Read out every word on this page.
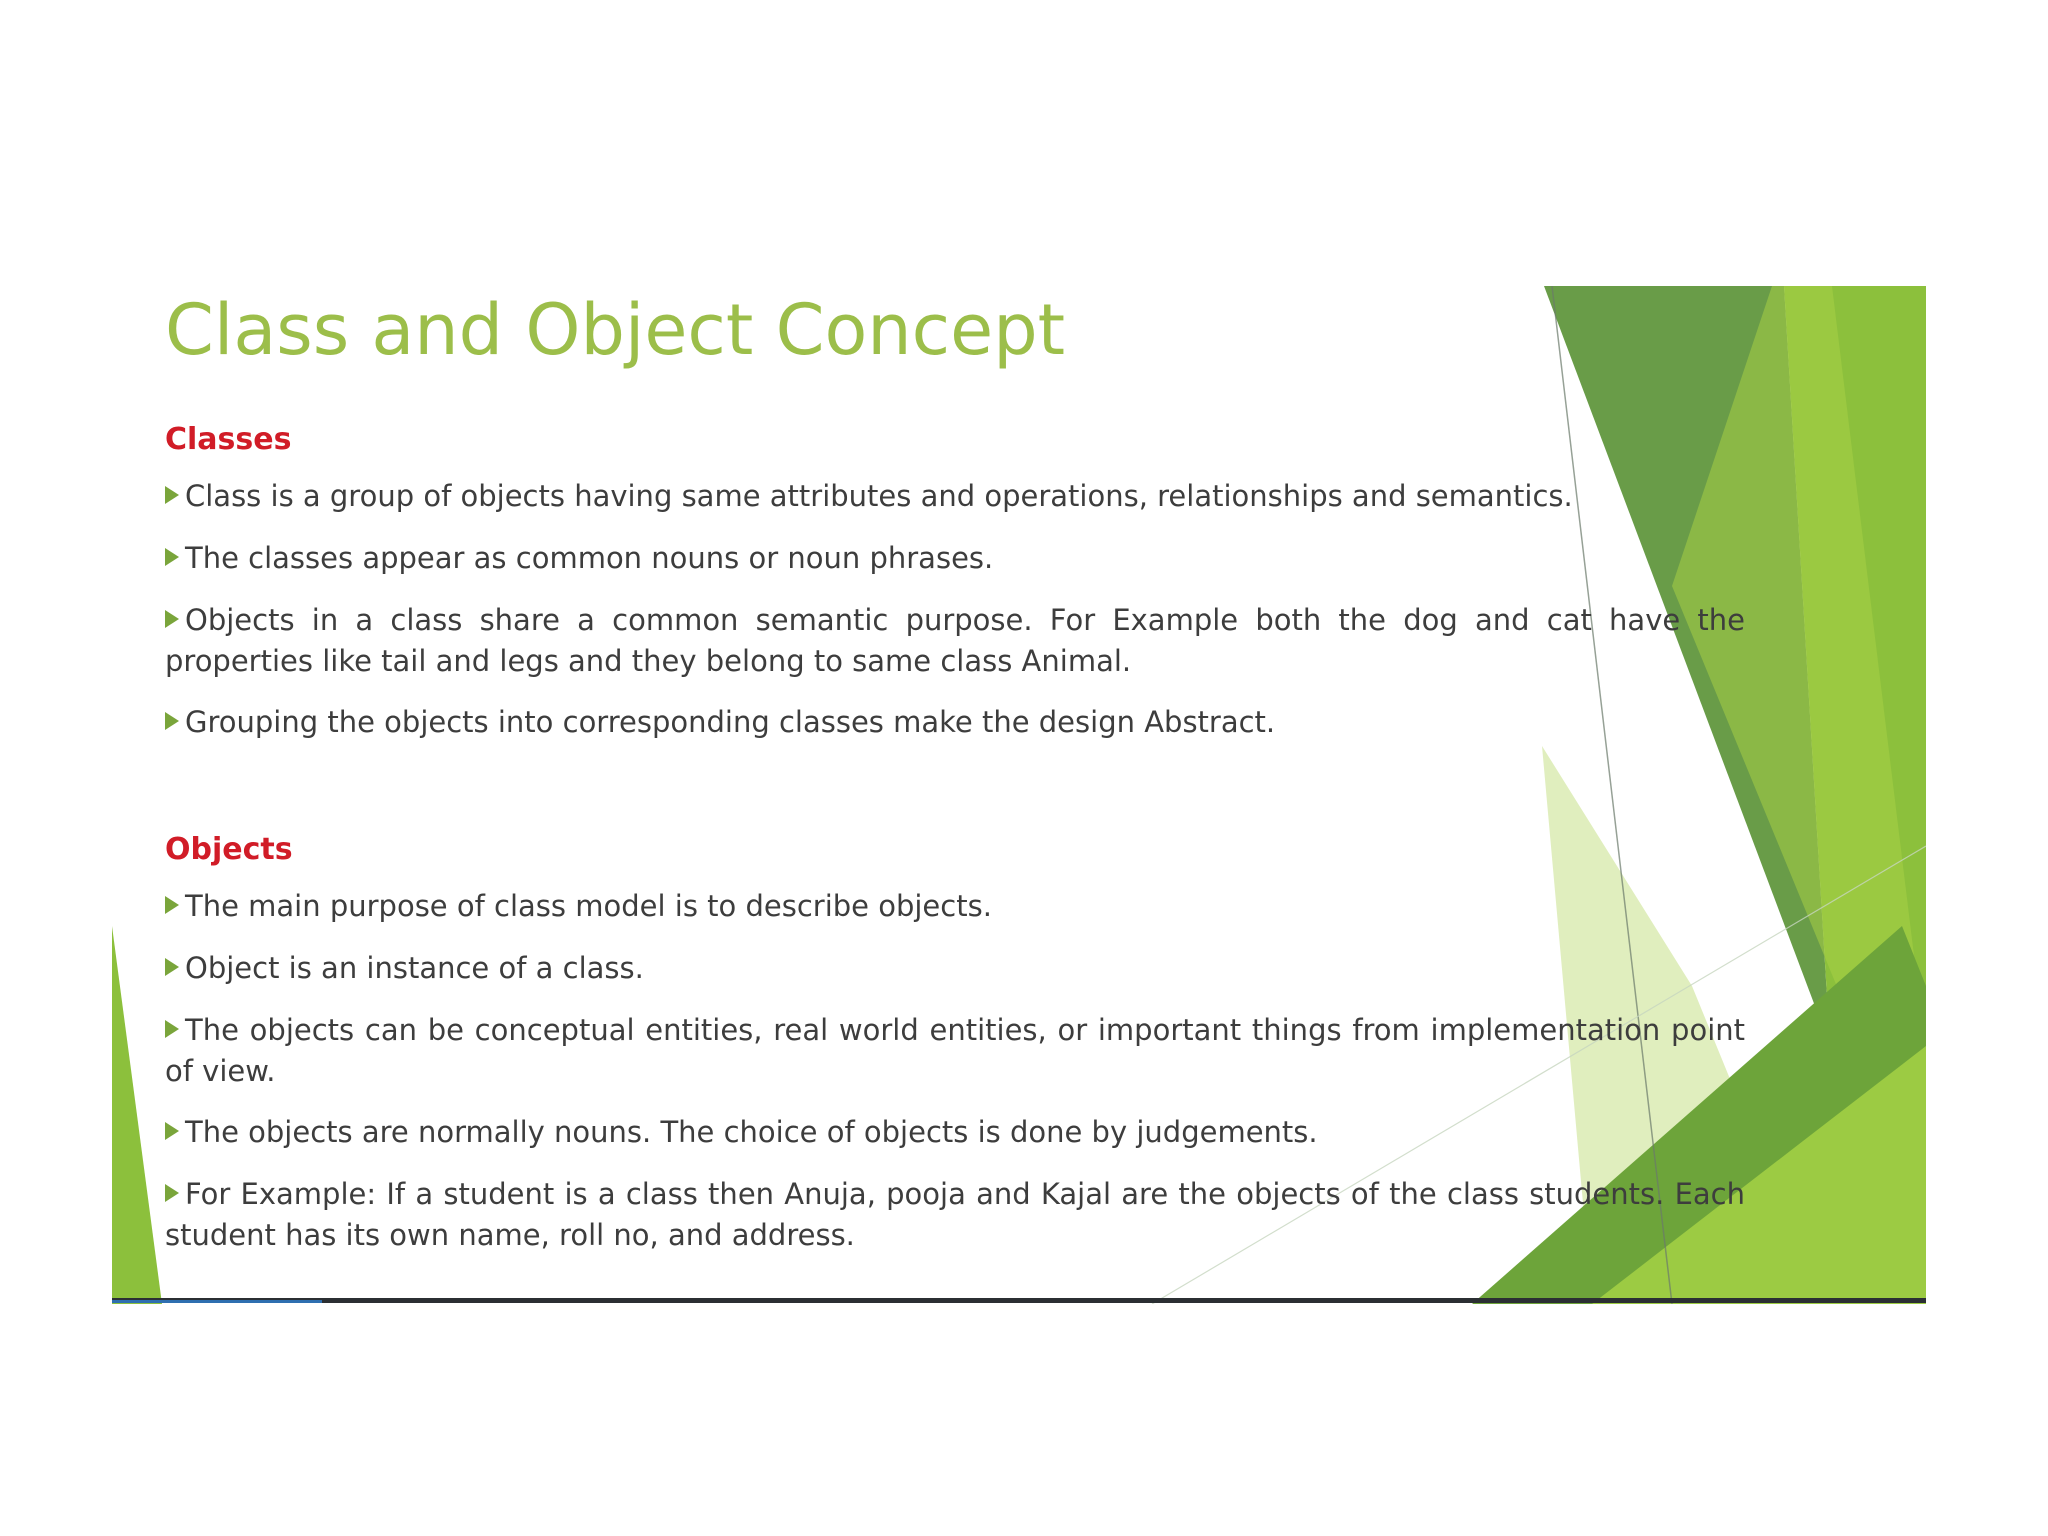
Class and Object Concept
Classes

Class is a group of objects having same attributes and operations, relationships and semantics.

The classes appear as common nouns or noun phrases.

Objects in a class share a common semantic purpose. For Example both the dog and cat have the properties like tail and legs and they belong to same class Animal.

Grouping the objects into corresponding classes make the design Abstract.

Objects

The main purpose of class model is to describe objects.

Object is an instance of a class.

The objects can be conceptual entities, real world entities, or important things from implementation point of view.

The objects are normally nouns. The choice of objects is done by judgements.

For Example: If a student is a class then Anuja, pooja and Kajal are the objects of the class students. Each student has its own name, roll no, and address.
